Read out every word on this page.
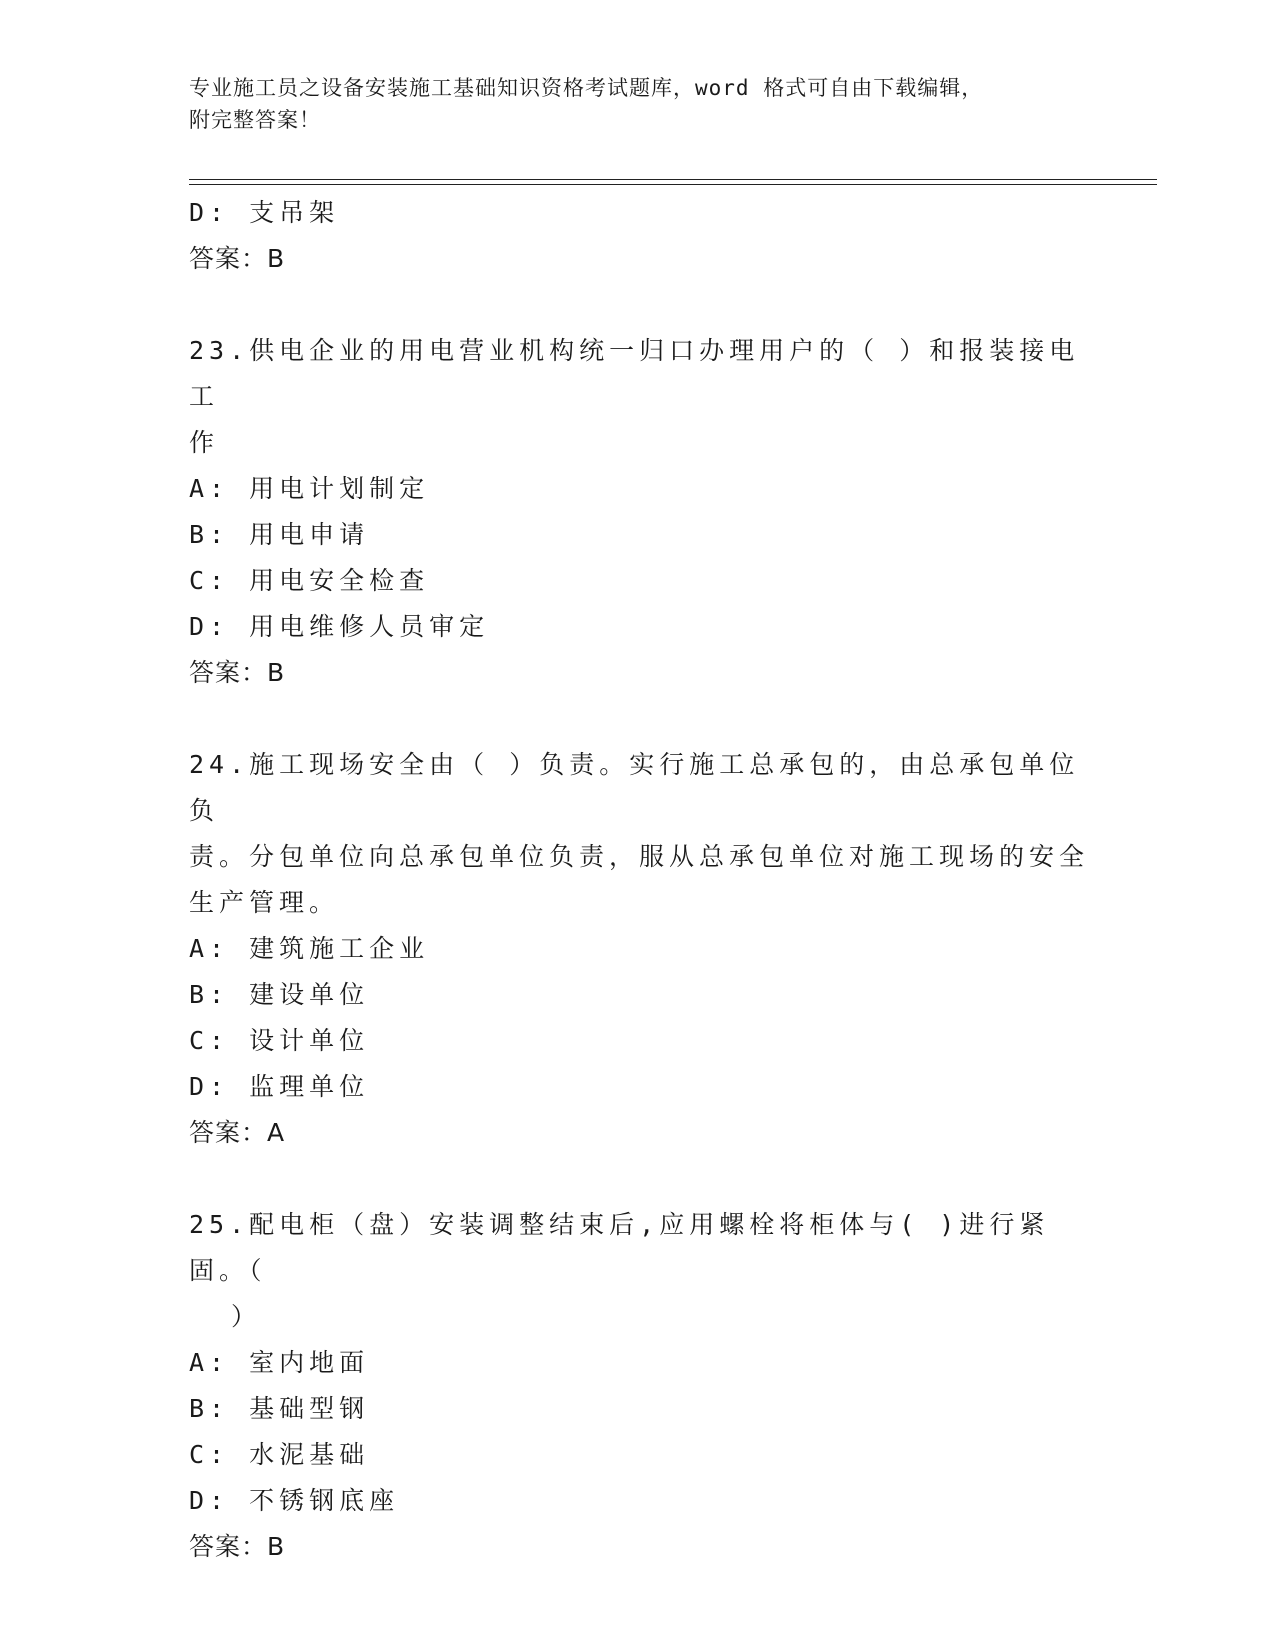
专业施工员之设备安装施工基础知识资格考试题库，word 格式可自由下载编辑，
附完整答案！
D: 支吊架
答案：B
23.供电企业的用电营业机构统一归口办理用户的（ ）和报装接电工
作
A: 用电计划制定
B: 用电申请
C: 用电安全检查
D: 用电维修人员审定
答案：B
24.施工现场安全由（ ）负责。实行施工总承包的，由总承包单位负
责。分包单位向总承包单位负责，服从总承包单位对施工现场的安全
生产管理。
A: 建筑施工企业
B: 建设单位
C: 设计单位
D: 监理单位
答案：A
25.配电柜（盘）安装调整结束后,应用螺栓将柜体与( )进行紧固。（
）
A: 室内地面
B: 基础型钢
C: 水泥基础
D: 不锈钢底座
答案：B
